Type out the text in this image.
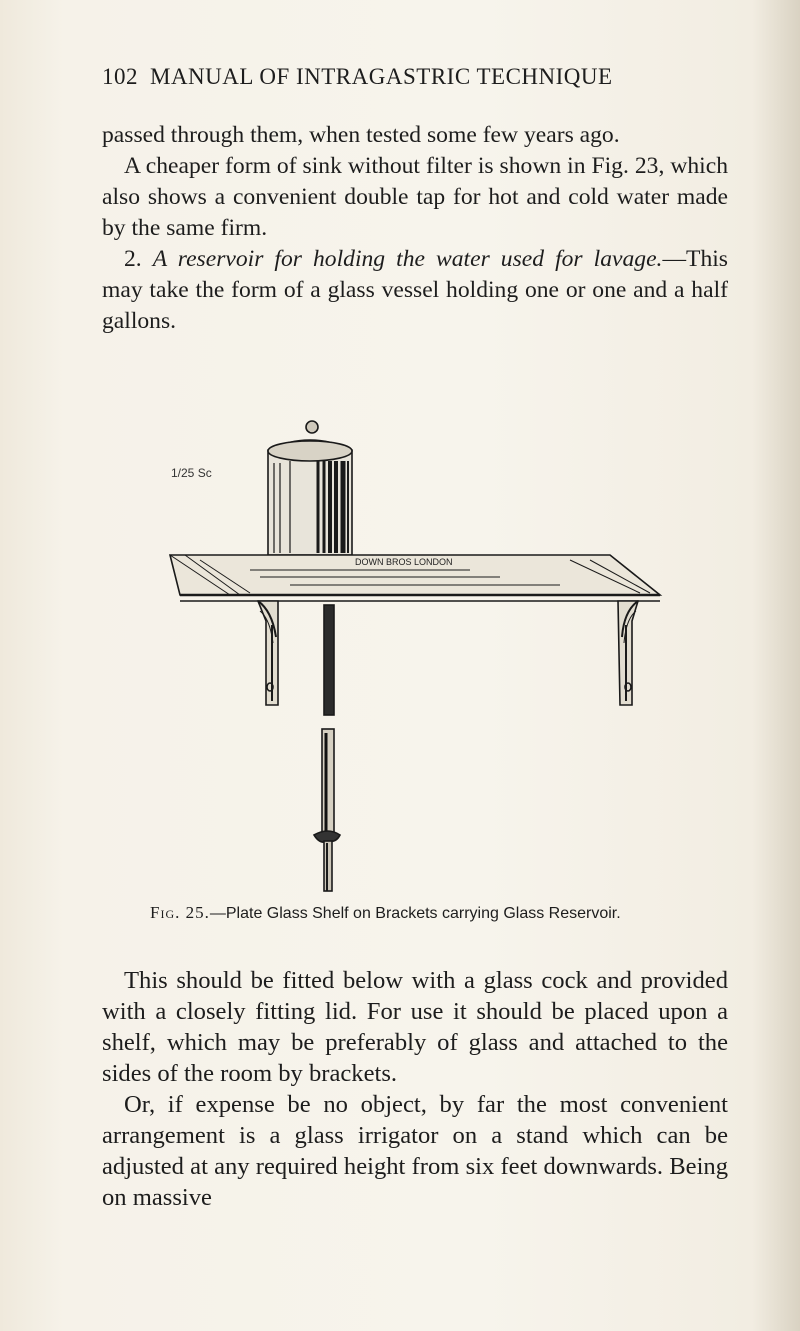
102 MANUAL OF INTRAGASTRIC TECHNIQUE

passed through them, when tested some few years ago.

A cheaper form of sink without filter is shown in Fig. 23, which also shows a convenient double tap for hot and cold water made by the same firm.

2. A reservoir for holding the water used for lavage.—This may take the form of a glass vessel holding one or one and a half gallons.

1/25 Sc
DOWN BROS LONDON
Fig. 25.—Plate Glass Shelf on Brackets carrying Glass Reservoir.

This should be fitted below with a glass cock and provided with a closely fitting lid. For use it should be placed upon a shelf, which may be preferably of glass and attached to the sides of the room by brackets.

Or, if expense be no object, by far the most convenient arrangement is a glass irrigator on a stand which can be adjusted at any required height from six feet downwards. Being on massive
